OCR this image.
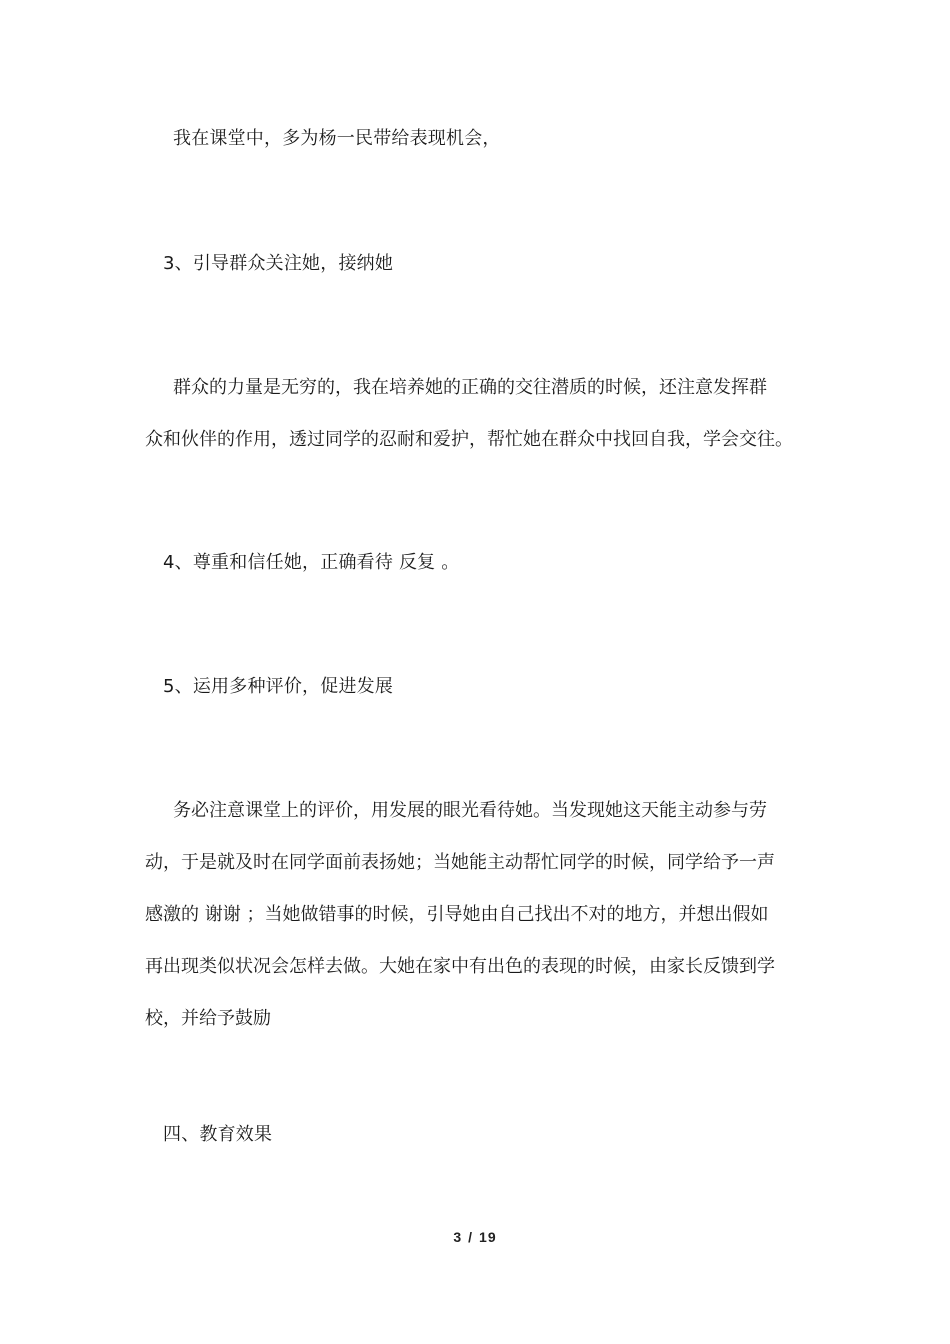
我在课堂中，多为杨一民带给表现机会，
3、引导群众关注她，接纳她
群众的力量是无穷的，我在培养她的正确的交往潜质的时候，还注意发挥群
众和伙伴的作用，透过同学的忍耐和爱护，帮忙她在群众中找回自我，学会交往。
4、尊重和信任她，正确看待 反复 。
5、运用多种评价，促进发展
务必注意课堂上的评价，用发展的眼光看待她。当发现她这天能主动参与劳
动，于是就及时在同学面前表扬她；当她能主动帮忙同学的时候，同学给予一声
感激的 谢谢 ；当她做错事的时候，引导她由自己找出不对的地方，并想出假如
再出现类似状况会怎样去做。大她在家中有出色的表现的时候，由家长反馈到学
校，并给予鼓励
四、教育效果
3 / 19
